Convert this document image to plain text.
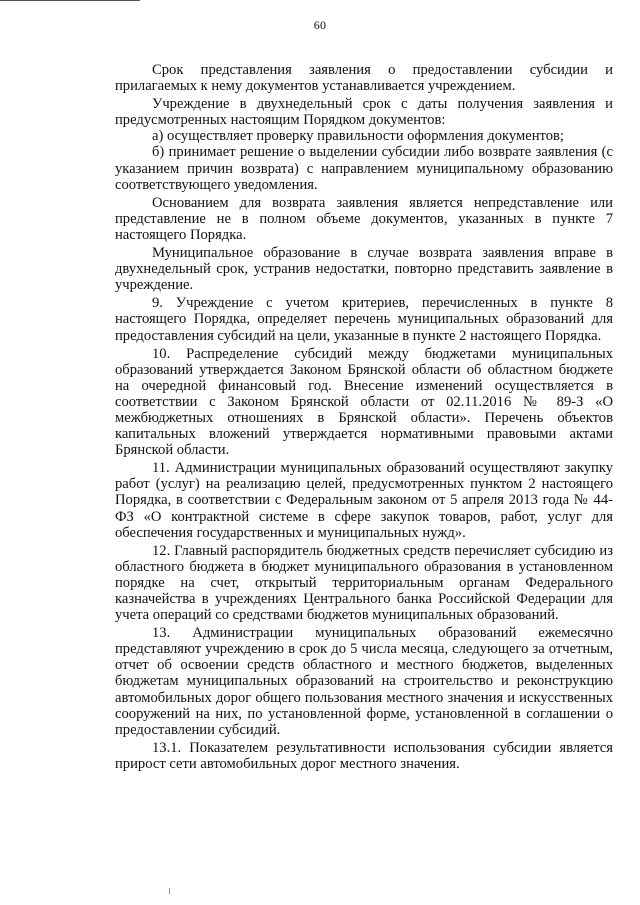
60

Срок представления заявления о предоставлении субсидии и прилагаемых к нему документов устанавливается учреждением.

Учреждение в двухнедельный срок с даты получения заявления и предусмотренных настоящим Порядком документов:

а) осуществляет проверку правильности оформления документов;

б) принимает решение о выделении субсидии либо возврате заявления (с указанием причин возврата) с направлением муниципальному образованию соответствующего уведомления.

Основанием для возврата заявления является непредставление или представление не в полном объеме документов, указанных в пункте 7 настоящего Порядка.

Муниципальное образование в случае возврата заявления вправе в двухнедельный срок, устранив недостатки, повторно представить заявление в учреждение.

9. Учреждение с учетом критериев, перечисленных в пункте 8 настоящего Порядка, определяет перечень муниципальных образований для предоставления субсидий на цели, указанные в пункте 2 настоящего Порядка.

10. Распределение субсидий между бюджетами муниципальных образований утверждается Законом Брянской области об областном бюджете на очередной финансовый год. Внесение изменений осуществляется в соответствии с Законом Брянской области от 02.11.2016 № 89-З «О межбюджетных отношениях в Брянской области». Перечень объектов капитальных вложений утверждается нормативными правовыми актами Брянской области.

11. Администрации муниципальных образований осуществляют закупку работ (услуг) на реализацию целей, предусмотренных пунктом 2 настоящего Порядка, в соответствии с Федеральным законом от 5 апреля 2013 года № 44-ФЗ «О контрактной системе в сфере закупок товаров, работ, услуг для обеспечения государственных и муниципальных нужд».

12. Главный распорядитель бюджетных средств перечисляет субсидию из областного бюджета в бюджет муниципального образования в установленном порядке на счет, открытый территориальным органам Федерального казначейства в учреждениях Центрального банка Российской Федерации для учета операций со средствами бюджетов муниципальных образований.

13. Администрации муниципальных образований ежемесячно представляют учреждению в срок до 5 числа месяца, следующего за отчетным, отчет об освоении средств областного и местного бюджетов, выделенных бюджетам муниципальных образований на строительство и реконструкцию автомобильных дорог общего пользования местного значения и искусственных сооружений на них, по установленной форме, установленной в соглашении о предоставлении субсидий.

13.1. Показателем результативности использования субсидии является прирост сети автомобильных дорог местного значения.
